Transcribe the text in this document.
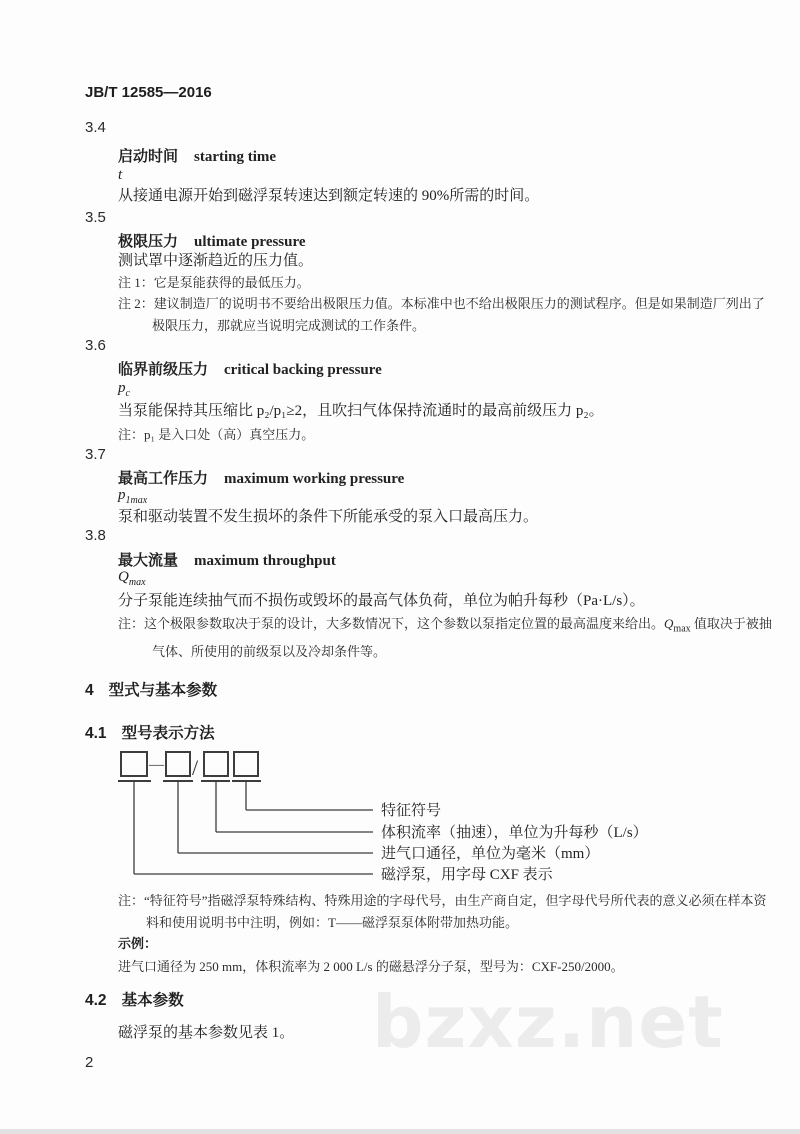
bzxz.net
JB/T 12585—2016
3.4
启动时间 starting time
t
从接通电源开始到磁浮泵转速达到额定转速的 90%所需的时间。
3.5
极限压力 ultimate pressure
测试罩中逐渐趋近的压力值。
注 1：它是泵能获得的最低压力。
注 2：建议制造厂的说明书不要给出极限压力值。本标准中也不给出极限压力的测试程序。但是如果制造厂列出了极限压力，那就应当说明完成测试的工作条件。
3.6
临界前级压力 critical backing pressure
$p_c$
当泵能保持其压缩比 p₂/p₁≥2，且吹扫气体保持流通时的最高前级压力 p₂。
注：p₁ 是入口处（高）真空压力。
3.7
最高工作压力 maximum working pressure
$p_{1max}$
泵和驱动装置不发生损坏的条件下所能承受的泵入口最高压力。
3.8
最大流量 maximum throughput
$Q_{max}$
分子泵能连续抽气而不损伤或毁坏的最高气体负荷，单位为帕升每秒（Pa·L/s）。
注：这个极限参数取决于泵的设计，大多数情况下，这个参数以泵指定位置的最高温度来给出。$Q_{max}$ 值取决于被抽气体、所使用的前级泵以及冷却条件等。
4 型式与基本参数
4.1 型号表示方法
— /
特征符号
体积流率（抽速），单位为升每秒（L/s）
进气口通径，单位为毫米（mm）
磁浮泵，用字母 CXF 表示
注：“特征符号”指磁浮泵特殊结构、特殊用途的字母代号，由生产商自定，但字母代号所代表的意义必须在样本资料和使用说明书中注明，例如：T——磁浮泵泵体附带加热功能。
示例：
进气口通径为 250 mm，体积流率为 2 000 L/s 的磁悬浮分子泵，型号为：CXF-250/2000。
4.2 基本参数
磁浮泵的基本参数见表 1。
2
